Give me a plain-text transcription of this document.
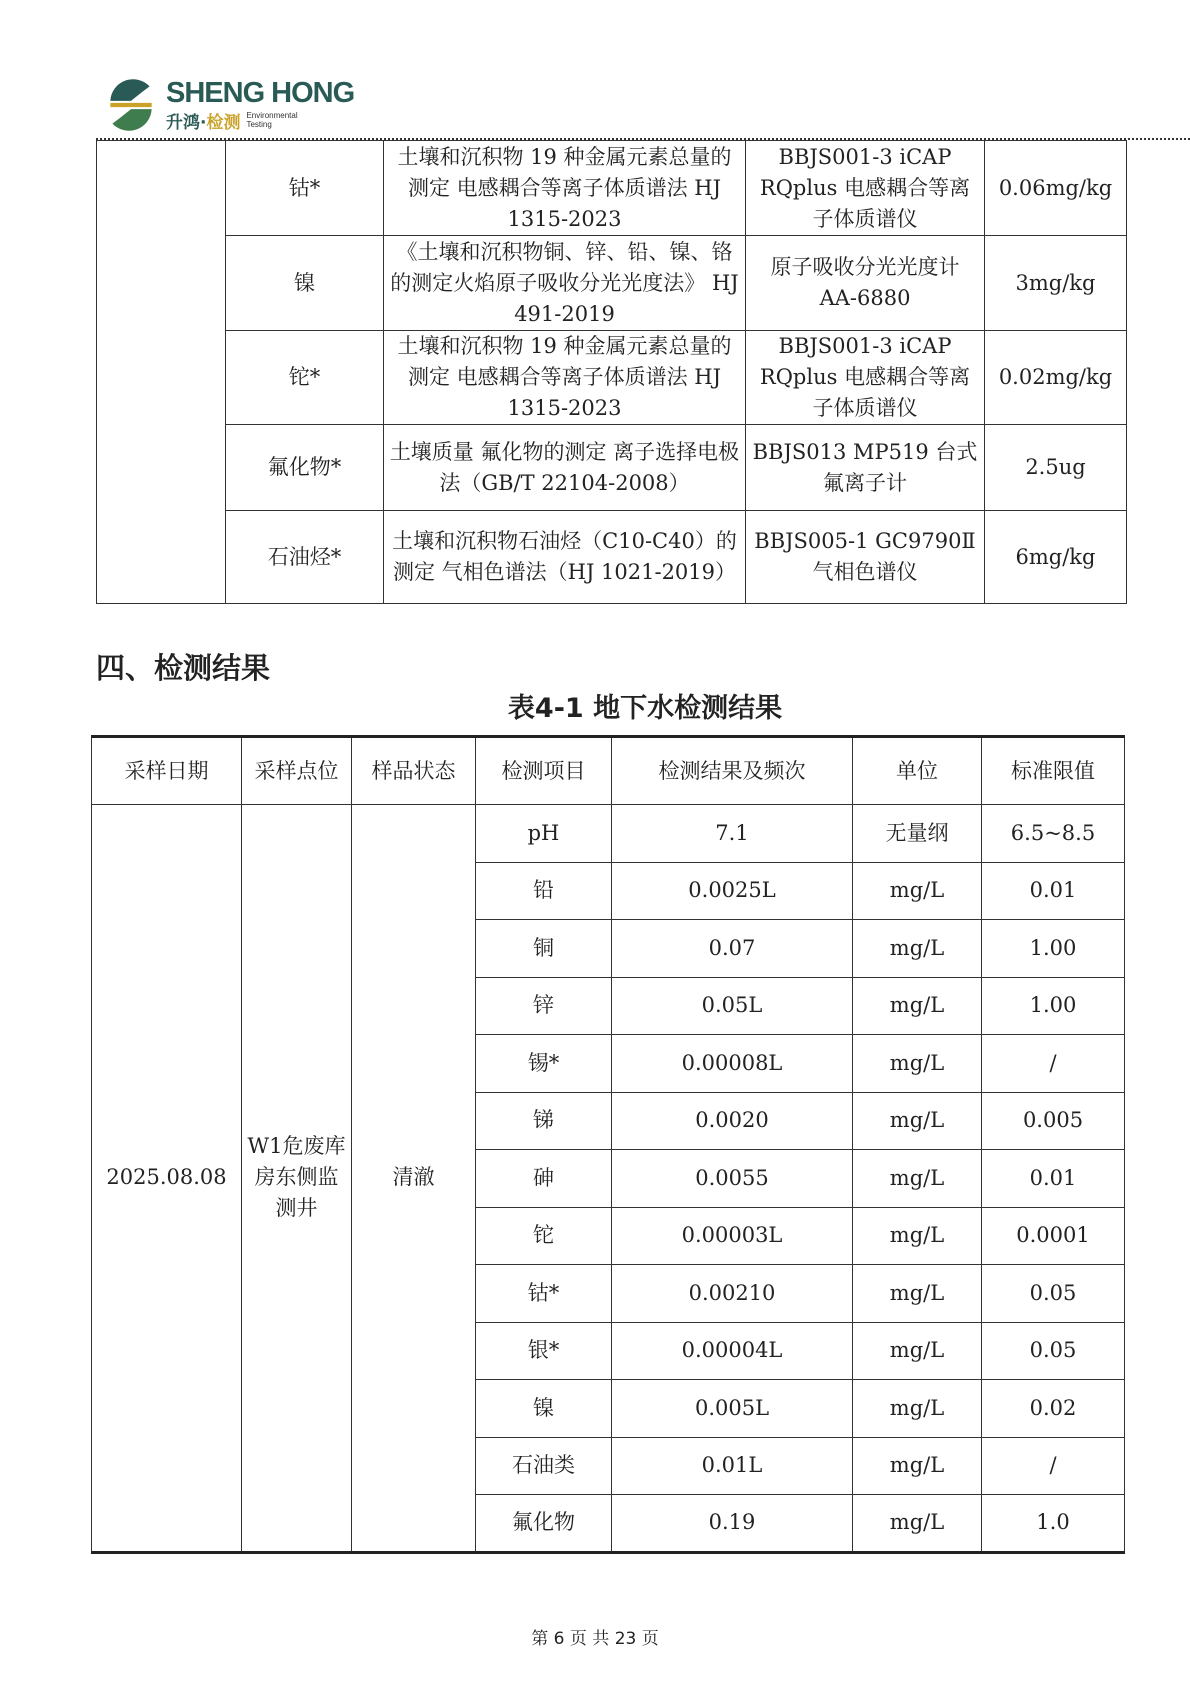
SHENG HONG
升鸿· 检测 Environmental
Testing
	钴*	土壤和沉积物 19 种金属元素总量的测定 电感耦合等离子体质谱法 HJ 1315-2023	BBJS001-3 iCAP RQplus 电感耦合等离子体质谱仪	0.06mg/kg
	镍	《土壤和沉积物铜、锌、铅、镍、铬的测定火焰原子吸收分光光度法》 HJ 491-2019	原子吸收分光光度计 AA-6880	3mg/kg
	铊*	土壤和沉积物 19 种金属元素总量的测定 电感耦合等离子体质谱法 HJ 1315-2023	BBJS001-3 iCAP RQplus 电感耦合等离子体质谱仪	0.02mg/kg
	氟化物*	土壤质量 氟化物的测定 离子选择电极法（GB/T 22104-2008）	BBJS013 MP519 台式氟离子计	2.5ug
	石油烃*	土壤和沉积物石油烃（C10-C40）的测定 气相色谱法（HJ 1021-2019）	BBJS005-1 GC9790Ⅱ 气相色谱仪	6mg/kg
四、检测结果
表4-1 地下水检测结果
采样日期	采样点位	样品状态	检测项目	检测结果及频次	单位	标准限值
2025.08.08	W1危废库房东侧监测井	清澈	pH	7.1	无量纲	6.5~8.5
			铅	0.0025L	mg/L	0.01
			铜	0.07	mg/L	1.00
			锌	0.05L	mg/L	1.00
			锡*	0.00008L	mg/L	/
			锑	0.0020	mg/L	0.005
			砷	0.0055	mg/L	0.01
			铊	0.00003L	mg/L	0.0001
			钴*	0.00210	mg/L	0.05
			银*	0.00004L	mg/L	0.05
			镍	0.005L	mg/L	0.02
			石油类	0.01L	mg/L	/
			氟化物	0.19	mg/L	1.0
第 6 页 共 23 页
